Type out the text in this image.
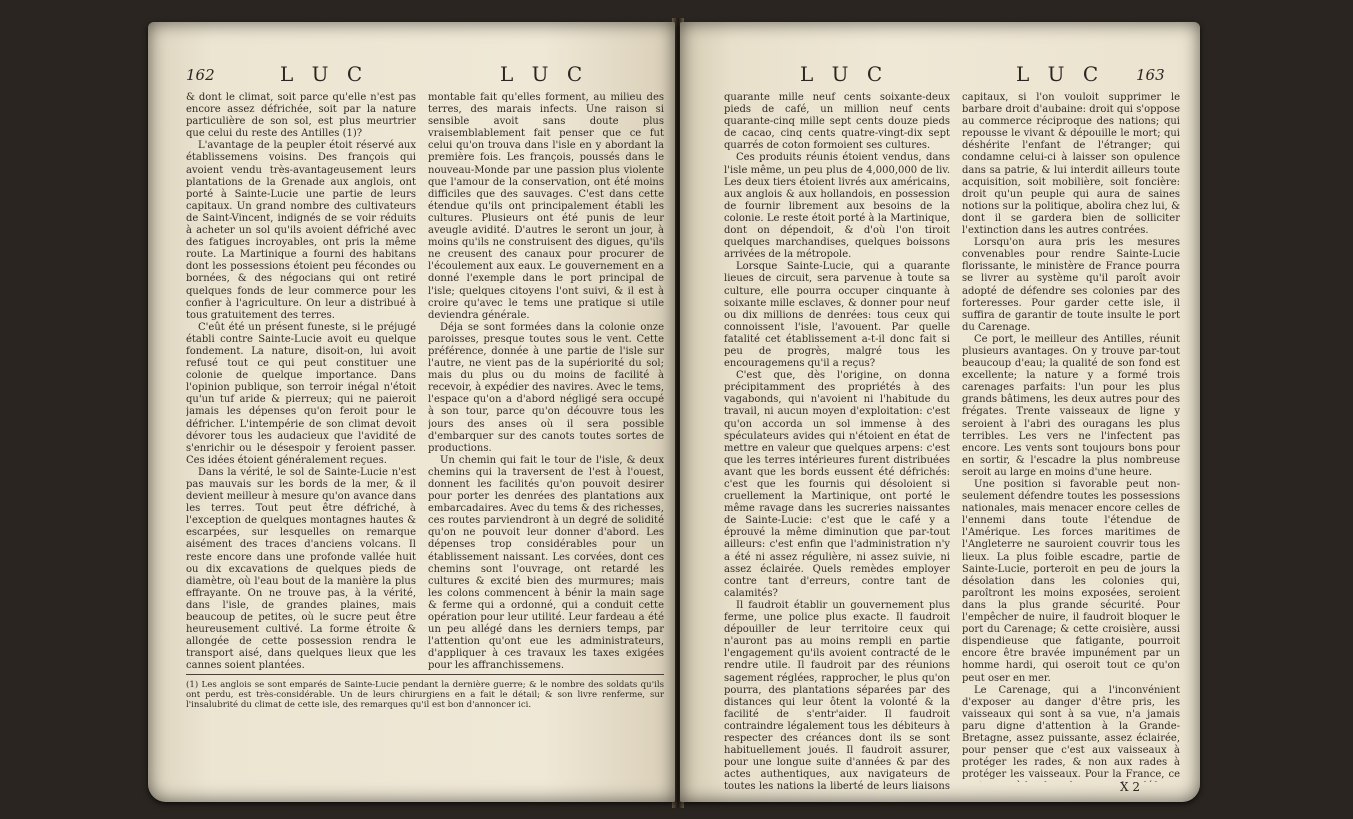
162	L U C	L U C

& dont le climat, soit parce qu'elle n'est pas encore assez défrichée, soit par la nature particulière de son sol, est plus meurtrier que celui du reste des Antilles (1)?

L'avantage de la peupler étoit réservé aux établissemens voisins. Des françois qui avoient vendu très-avantageusement leurs plantations de la Grenade aux anglois, ont porté à Sainte-Lucie une partie de leurs capitaux. Un grand nombre des cultivateurs de Saint-Vincent, indignés de se voir réduits à acheter un sol qu'ils avoient défriché avec des fatigues incroyables, ont pris la même route. La Martinique a fourni des habitans dont les possessions étoient peu fécondes ou bornées, & des négocians qui ont retiré quelques fonds de leur commerce pour les confier à l'agriculture. On leur a distribué à tous gratuitement des terres.

C'eût été un présent funeste, si le préjugé établi contre Sainte-Lucie avoit eu quelque fondement. La nature, disoit-on, lui avoit refusé tout ce qui peut constituer une colonie de quelque importance. Dans l'opinion publique, son terroir inégal n'étoit qu'un tuf aride & pierreux; qui ne paieroit jamais les dépenses qu'on feroit pour le défricher. L'intempérie de son climat devoit dévorer tous les audacieux que l'avidité de s'enrichir ou le désespoir y feroient passer. Ces idées étoient généralement reçues.

Dans la vérité, le sol de Sainte-Lucie n'est pas mauvais sur les bords de la mer, & il devient meilleur à mesure qu'on avance dans les terres. Tout peut être défriché, à l'exception de quelques montagnes hautes & escarpées, sur lesquelles on remarque aisément des traces d'anciens volcans. Il reste encore dans une profonde vallée huit ou dix excavations de quelques pieds de diamètre, où l'eau bout de la manière la plus effrayante. On ne trouve pas, à la vérité, dans l'isle, de grandes plaines, mais beaucoup de petites, où le sucre peut être heureusement cultivé. La forme étroite & allongée de cette possession rendra le transport aisé, dans quelques lieux que les cannes soient plantées.

montable fait qu'elles forment, au milieu des terres, des marais infects. Une raison si sensible avoit sans doute plus vraisemblablement fait penser que ce fut celui qu'on trouva dans l'isle en y abordant la première fois. Les françois, poussés dans le nouveau-Monde par une passion plus violente que l'amour de la conservation, ont été moins difficiles que des sauvages. C'est dans cette étendue qu'ils ont principalement établi les cultures. Plusieurs ont été punis de leur aveugle avidité. D'autres le seront un jour, à moins qu'ils ne construisent des digues, qu'ils ne creusent des canaux pour procurer de l'écoulement aux eaux. Le gouvernement en a donné l'exemple dans le port principal de l'isle; quelques citoyens l'ont suivi, & il est à croire qu'avec le tems une pratique si utile deviendra générale.

Déja se sont formées dans la colonie onze paroisses, presque toutes sous le vent. Cette préférence, donnée à une partie de l'isle sur l'autre, ne vient pas de la supériorité du sol; mais du plus ou du moins de facilité à recevoir, à expédier des navires. Avec le tems, l'espace qu'on a d'abord négligé sera occupé à son tour, parce qu'on découvre tous les jours des anses où il sera possible d'embarquer sur des canots toutes sortes de productions.

Un chemin qui fait le tour de l'isle, & deux chemins qui la traversent de l'est à l'ouest, donnent les facilités qu'on pouvoit desirer pour porter les denrées des plantations aux embarcadaires. Avec du tems & des richesses, ces routes parviendront à un degré de solidité qu'on ne pouvoit leur donner d'abord. Les dépenses trop considérables pour un établissement naissant. Les corvées, dont ces chemins sont l'ouvrage, ont retardé les cultures & excité bien des murmures; mais les colons commencent à bénir la main sage & ferme qui a ordonné, qui a conduit cette opération pour leur utilité. Leur fardeau a été un peu allégé dans les derniers temps, par l'attention qu'ont eue les administrateurs, d'appliquer à ces travaux les taxes exigées pour les affranchissemens.

(1) Les anglois se sont emparés de Sainte-Lucie pendant la dernière guerre; & le nombre des soldats qu'ils ont perdu, est très-considérable. Un de leurs chirurgiens en a fait le détail; & son livre renferme, sur l'insalubrité du climat de cette isle, des remarques qu'il est bon d'annoncer ici.
L U C	L U C 163

quarante mille neuf cents soixante-deux pieds de café, un million neuf cents quarante-cinq mille sept cents douze pieds de cacao, cinq cents quatre-vingt-dix sept quarrés de coton formoient ses cultures.

Ces produits réunis étoient vendus, dans l'isle même, un peu plus de 4,000,000 de liv. Les deux tiers étoient livrés aux américains, aux anglois & aux hollandois, en possession de fournir librement aux besoins de la colonie. Le reste étoit porté à la Martinique, dont on dépendoit, & d'où l'on tiroit quelques marchandises, quelques boissons arrivées de la métropole.

Lorsque Sainte-Lucie, qui a quarante lieues de circuit, sera parvenue à toute sa culture, elle pourra occuper cinquante à soixante mille esclaves, & donner pour neuf ou dix millions de denrées: tous ceux qui connoissent l'isle, l'avouent. Par quelle fatalité cet établissement a-t-il donc fait si peu de progrès, malgré tous les encouragemens qu'il a reçus?

C'est que, dès l'origine, on donna précipitamment des propriétés à des vagabonds, qui n'avoient ni l'habitude du travail, ni aucun moyen d'exploitation: c'est qu'on accorda un sol immense à des spéculateurs avides qui n'étoient en état de mettre en valeur que quelques arpens: c'est que les terres intérieures furent distribuées avant que les bords eussent été défrichés: c'est que les fournis qui désoloient si cruellement la Martinique, ont porté le même ravage dans les sucreries naissantes de Sainte-Lucie: c'est que le café y a éprouvé la même diminution que par-tout ailleurs: c'est enfin que l'administration n'y a été ni assez régulière, ni assez suivie, ni assez éclairée. Quels remèdes employer contre tant d'erreurs, contre tant de calamités?

Il faudroit établir un gouvernement plus ferme, une police plus exacte. Il faudroit dépouiller de leur territoire ceux qui n'auront pas au moins rempli en partie l'engagement qu'ils avoient contracté de le rendre utile. Il faudroit par des réunions sagement réglées, rapprocher, le plus qu'on pourra, des plantations séparées par des distances qui leur ôtent la volonté & la facilité de s'entr'aider. Il faudroit contraindre légalement tous les débiteurs à respecter des créances dont ils se sont habituellement joués. Il faudroit assurer, pour une longue suite d'années & par des actes authentiques, aux navigateurs de toutes les nations la liberté de leurs liaisons

capitaux, si l'on vouloit supprimer le barbare droit d'aubaine: droit qui s'oppose au commerce réciproque des nations; qui repousse le vivant & dépouille le mort; qui déshérite l'enfant de l'étranger; qui condamne celui-ci à laisser son opulence dans sa patrie, & lui interdit ailleurs toute acquisition, soit mobilière, soit foncière: droit qu'un peuple qui aura de saines notions sur la politique, abolira chez lui, & dont il se gardera bien de solliciter l'extinction dans les autres contrées.

Lorsqu'on aura pris les mesures convenables pour rendre Sainte-Lucie florissante, le ministère de France pourra se livrer au système qu'il paroît avoir adopté de défendre ses colonies par des forteresses. Pour garder cette isle, il suffira de garantir de toute insulte le port du Carenage.

Ce port, le meilleur des Antilles, réunit plusieurs avantages. On y trouve par-tout beaucoup d'eau; la qualité de son fond est excellente; la nature y a formé trois carenages parfaits: l'un pour les plus grands bâtimens, les deux autres pour des frégates. Trente vaisseaux de ligne y seroient à l'abri des ouragans les plus terribles. Les vers ne l'infectent pas encore. Les vents sont toujours bons pour en sortir, & l'escadre la plus nombreuse seroit au large en moins d'une heure.

Une position si favorable peut non-seulement défendre toutes les possessions nationales, mais menacer encore celles de l'ennemi dans toute l'étendue de l'Amérique. Les forces maritimes de l'Angleterre ne sauroient couvrir tous les lieux. La plus foible escadre, partie de Sainte-Lucie, porteroit en peu de jours la désolation dans les colonies qui, paroîtront les moins exposées, seroient dans la plus grande sécurité. Pour l'empêcher de nuire, il faudroit bloquer le port du Carenage; & cette croisière, aussi dispendieuse que fatigante, pourroit encore être bravée impunément par un homme hardi, qui oseroit tout ce qu'on peut oser en mer.

Le Carenage, qui a l'inconvénient d'exposer au danger d'être pris, les vaisseaux qui sont à sa vue, n'a jamais paru digne d'attention à la Grande-Bretagne, assez puissante, assez éclairée, pour penser que c'est aux vaisseaux à protéger les rades, & non aux rades à protéger les vaisseaux. Pour la France, ce

X 2
